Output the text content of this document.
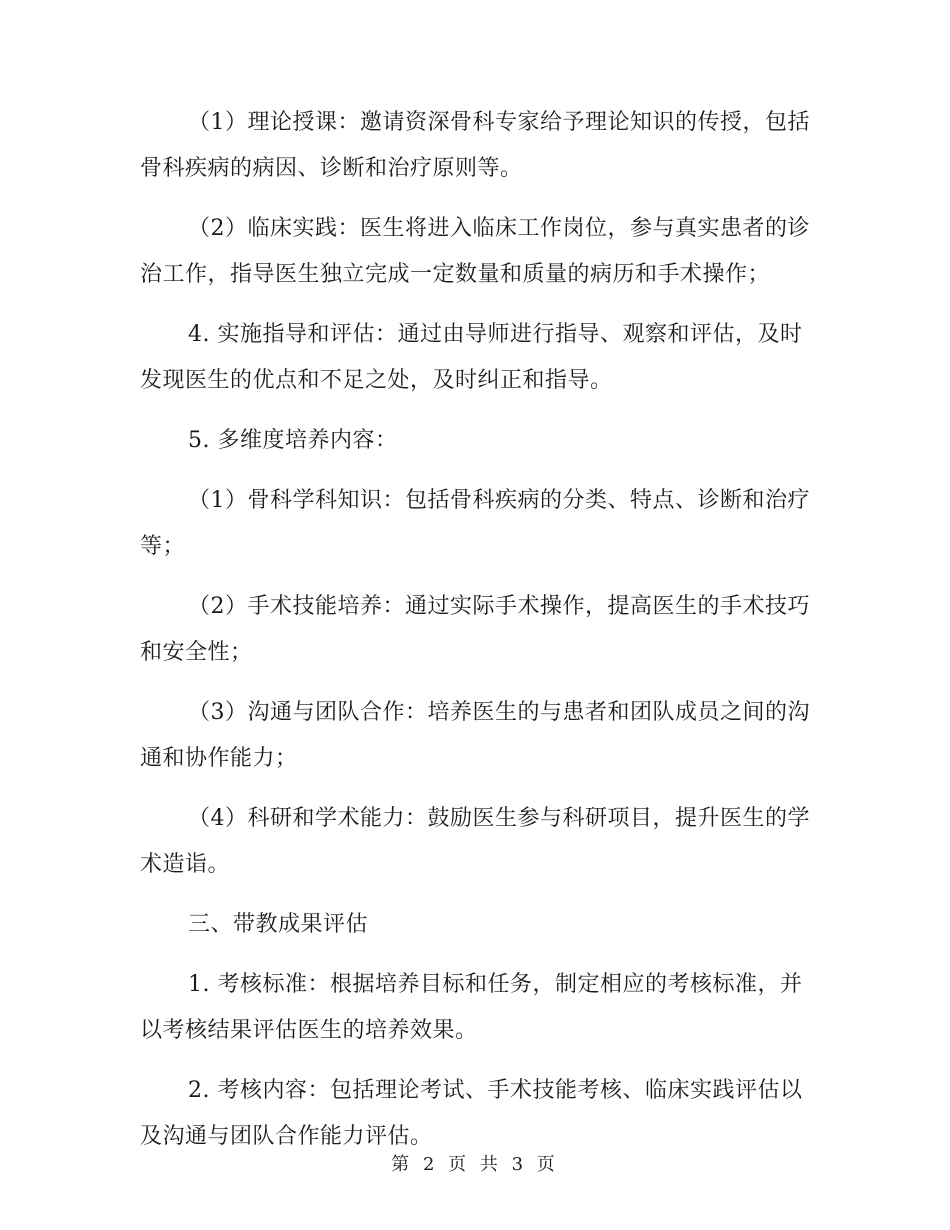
（1）理论授课：邀请资深骨科专家给予理论知识的传授，包括骨科疾病的病因、诊断和治疗原则等。

（2）临床实践：医生将进入临床工作岗位，参与真实患者的诊治工作，指导医生独立完成一定数量和质量的病历和手术操作；

4. 实施指导和评估：通过由导师进行指导、观察和评估，及时发现医生的优点和不足之处，及时纠正和指导。

5. 多维度培养内容：

（1）骨科学科知识：包括骨科疾病的分类、特点、诊断和治疗等；

（2）手术技能培养：通过实际手术操作，提高医生的手术技巧和安全性；

（3）沟通与团队合作：培养医生的与患者和团队成员之间的沟通和协作能力；

（4）科研和学术能力：鼓励医生参与科研项目，提升医生的学术造诣。

三、带教成果评估

1. 考核标准：根据培养目标和任务，制定相应的考核标准，并以考核结果评估医生的培养效果。

2. 考核内容：包括理论考试、手术技能考核、临床实践评估以及沟通与团队合作能力评估。

第 2 页 共 3 页
